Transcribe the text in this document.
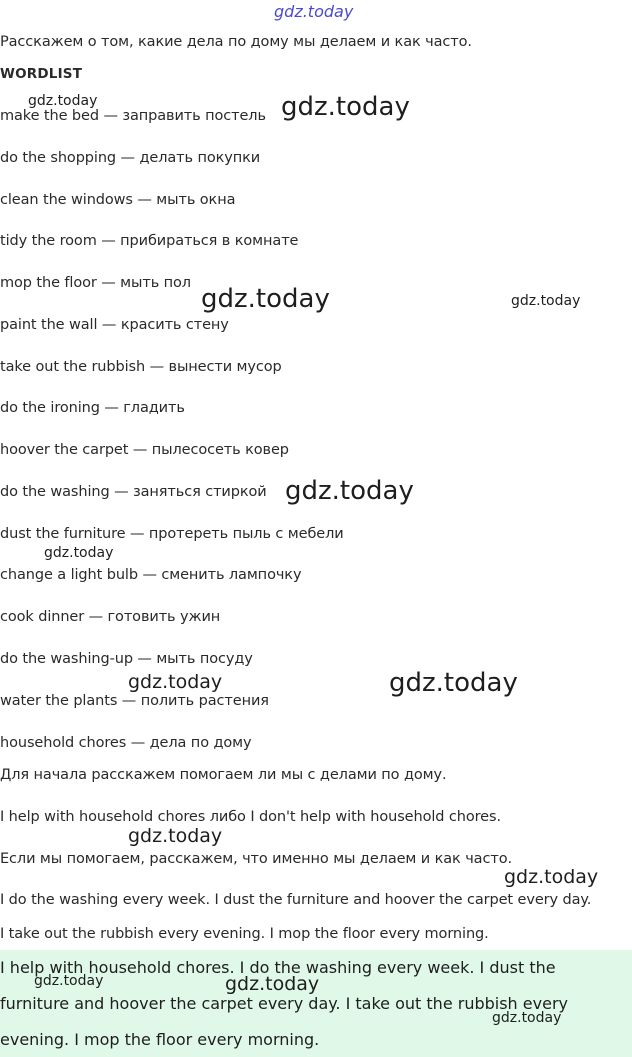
gdz.today
Расскажем о том, какие дела по дому мы делаем и как часто.
WORDLIST
make the bed — заправить постель
do the shopping — делать покупки
clean the windows — мыть окна
tidy the room — прибираться в комнате
mop the floor — мыть пол
paint the wall — красить стену
take out the rubbish — вынести мусор
do the ironing — гладить
hoover the carpet — пылесосеть ковер
do the washing — заняться стиркой
dust the furniture — протереть пыль с мебели
change a light bulb — сменить лампочку
cook dinner — готовить ужин
do the washing-up — мыть посуду
water the plants — полить растения
household chores — дела по дому
Для начала расскажем помогаем ли мы с делами по дому.
I help with household chores либо I don't help with household chores.
Если мы помогаем, расскажем, что именно мы делаем и как часто.
I do the washing every week. I dust the furniture and hoover the carpet every day.
I take out the rubbish every evening. I mop the floor every morning.
I help with household chores. I do the washing every week. I dust the
furniture and hoover the carpet every day. I take out the rubbish every
evening. I mop the floor every morning.
gdz.today	gdz.today
gdz.today	gdz.today
gdz.today
gdz.today
gdz.today
gdz.today
gdz.today
gdz.today
gdz.today	gdz.today
gdz.today
